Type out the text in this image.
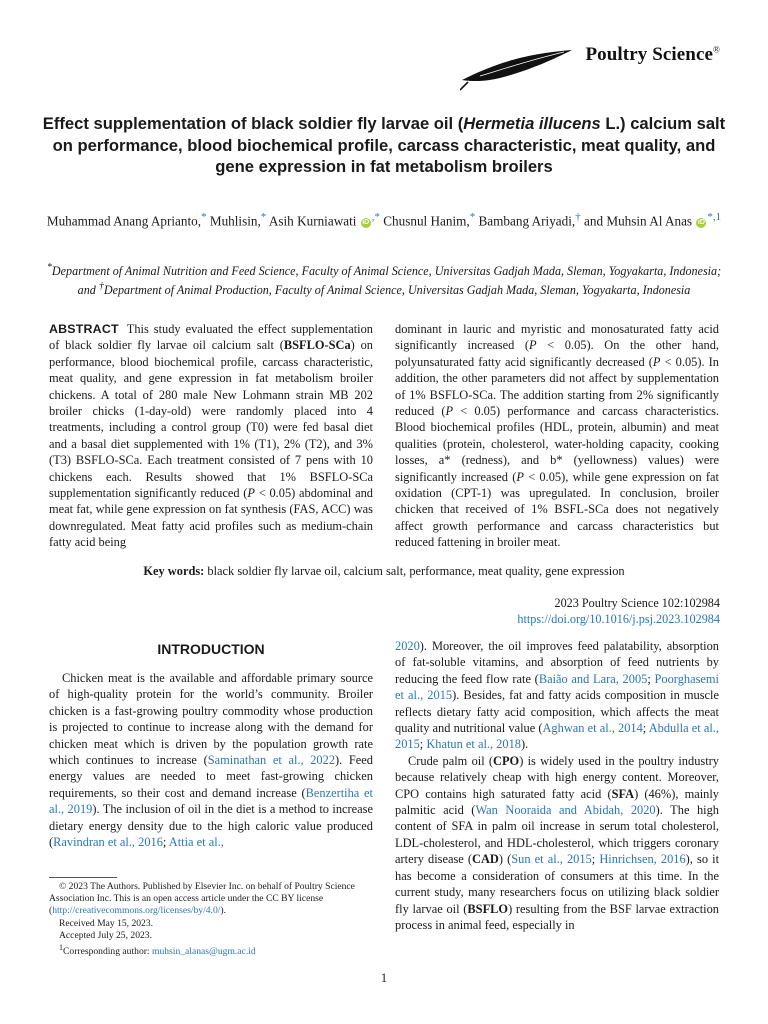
Poultry Science®
Effect supplementation of black soldier fly larvae oil (Hermetia illucens L.) calcium salt on performance, blood biochemical profile, carcass characteristic, meat quality, and gene expression in fat metabolism broilers
Muhammad Anang Aprianto,* Muhlisin,* Asih Kurniawati iD ,* Chusnul Hanim,* Bambang Ariyadi,† and Muhsin Al Anas iD $^{*,1}$
*Department of Animal Nutrition and Feed Science, Faculty of Animal Science, Universitas Gadjah Mada, Sleman, Yogyakarta, Indonesia; and †Department of Animal Production, Faculty of Animal Science, Universitas Gadjah Mada, Sleman, Yogyakarta, Indonesia
ABSTRACT This study evaluated the effect supplementation of black soldier fly larvae oil calcium salt (BSFLO-SCa) on performance, blood biochemical profile, carcass characteristic, meat quality, and gene expression in fat metabolism broiler chickens. A total of 280 male New Lohmann strain MB 202 broiler chicks (1-day-old) were randomly placed into 4 treatments, including a control group (T0) were fed basal diet and a basal diet supplemented with 1% (T1), 2% (T2), and 3% (T3) BSFLO-SCa. Each treatment consisted of 7 pens with 10 chickens each. Results showed that 1% BSFLO-SCa supplementation significantly reduced (P < 0.05) abdominal and meat fat, while gene expression on fat synthesis (FAS, ACC) was downregulated. Meat fatty acid profiles such as medium-chain fatty acid being
dominant in lauric and myristic and monosaturated fatty acid significantly increased (P < 0.05). On the other hand, polyunsaturated fatty acid significantly decreased (P < 0.05). In addition, the other parameters did not affect by supplementation of 1% BSFLO-SCa. The addition starting from 2% significantly reduced (P < 0.05) performance and carcass characteristics. Blood biochemical profiles (HDL, protein, albumin) and meat qualities (protein, cholesterol, water-holding capacity, cooking losses, a* (redness), and b* (yellowness) values) were significantly increased (P < 0.05), while gene expression on fat oxidation (CPT-1) was upregulated. In conclusion, broiler chicken that received of 1% BSFL-SCa does not negatively affect growth performance and carcass characteristics but reduced fattening in broiler meat.
Key words: black soldier fly larvae oil, calcium salt, performance, meat quality, gene expression
2023 Poultry Science 102:102984
https://doi.org/10.1016/j.psj.2023.102984
INTRODUCTION
Chicken meat is the available and affordable primary source of high-quality protein for the world’s community. Broiler chicken is a fast-growing poultry commodity whose production is projected to continue to increase along with the demand for chicken meat which is driven by the population growth rate which continues to increase (Saminathan et al., 2022). Feed energy values are needed to meet fast-growing chicken requirements, so their cost and demand increase (Benzertiha et al., 2019). The inclusion of oil in the diet is a method to increase dietary energy density due to the high caloric value produced (Ravindran et al., 2016; Attia et al.,

2020). Moreover, the oil improves feed palatability, absorption of fat-soluble vitamins, and absorption of feed nutrients by reducing the feed flow rate (Baião and Lara, 2005; Poorghasemi et al., 2015). Besides, fat and fatty acids composition in muscle reflects dietary fatty acid composition, which affects the meat quality and nutritional value (Aghwan et al., 2014; Abdulla et al., 2015; Khatun et al., 2018).

Crude palm oil (CPO) is widely used in the poultry industry because relatively cheap with high energy content. Moreover, CPO contains high saturated fatty acid (SFA) (46%), mainly palmitic acid (Wan Nooraida and Abidah, 2020). The high content of SFA in palm oil increase in serum total cholesterol, LDL-cholesterol, and HDL-cholesterol, which triggers coronary artery disease (CAD) (Sun et al., 2015; Hinrichsen, 2016), so it has become a consideration of consumers at this time. In the current study, many researchers focus on utilizing black soldier fly larvae oil (BSFLO) resulting from the BSF larvae extraction process in animal feed, especially in

© 2023 The Authors. Published by Elsevier Inc. on behalf of Poultry Science Association Inc. This is an open access article under the CC BY license (http://creativecommons.org/licenses/by/4.0/).
Received May 15, 2023.
Accepted July 25, 2023.
$^1$Corresponding author: muhsin_alanas@ugm.ac.id
1
